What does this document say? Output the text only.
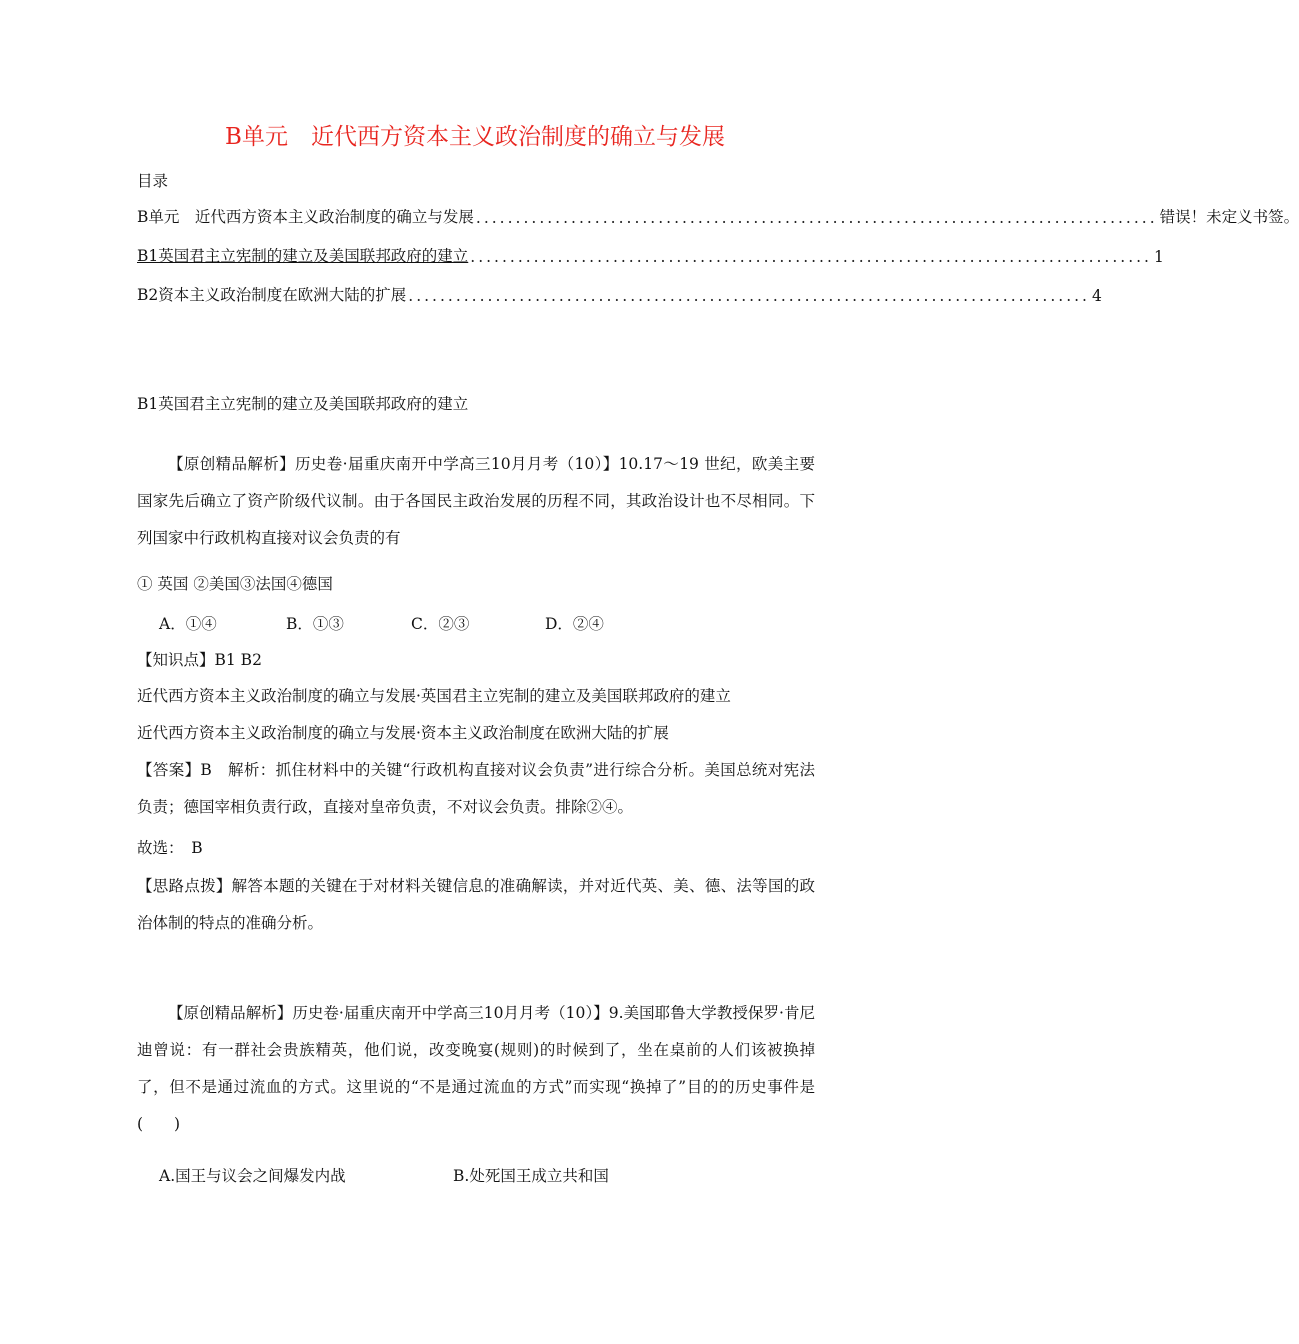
B单元　近代西方资本主义政治制度的确立与发展
目录
B单元　近代西方资本主义政治制度的确立与发展 ...................................................................................... 错误！未定义书签。
B1英国君主立宪制的建立及美国联邦政府的建立 ...................................................................................... 1
B2资本主义政治制度在欧洲大陆的扩展 ...................................................................................... 4
B1英国君主立宪制的建立及美国联邦政府的建立
【原创精品解析】历史卷·届重庆南开中学高三10月月考（10）】10.17～19 世纪，欧美主要国家先后确立了资产阶级代议制。由于各国民主政治发展的历程不同，其政治设计也不尽相同。下列国家中行政机构直接对议会负责的有
① 英国 ②美国③法国④德国
A．①④	B．①③	C．②③	D．②④
【知识点】B1 B2
近代西方资本主义政治制度的确立与发展·英国君主立宪制的建立及美国联邦政府的建立
近代西方资本主义政治制度的确立与发展·资本主义政治制度在欧洲大陆的扩展
【答案】B　解析：抓住材料中的关键“行政机构直接对议会负责”进行综合分析。美国总统对宪法负责；德国宰相负责行政，直接对皇帝负责，不对议会负责。排除②④。
故选：　B
【思路点拨】解答本题的关键在于对材料关键信息的准确解读，并对近代英、美、德、法等国的政治体制的特点的准确分析。
【原创精品解析】历史卷·届重庆南开中学高三10月月考（10）】9.美国耶鲁大学教授保罗·肯尼迪曾说：有一群社会贵族精英，他们说，改变晚宴(规则)的时候到了，坐在桌前的人们该被换掉了，但不是通过流血的方式。这里说的“不是通过流血的方式”而实现“换掉了”目的的历史事件是(　　)
A.国王与议会之间爆发内战	B.处死国王成立共和国
